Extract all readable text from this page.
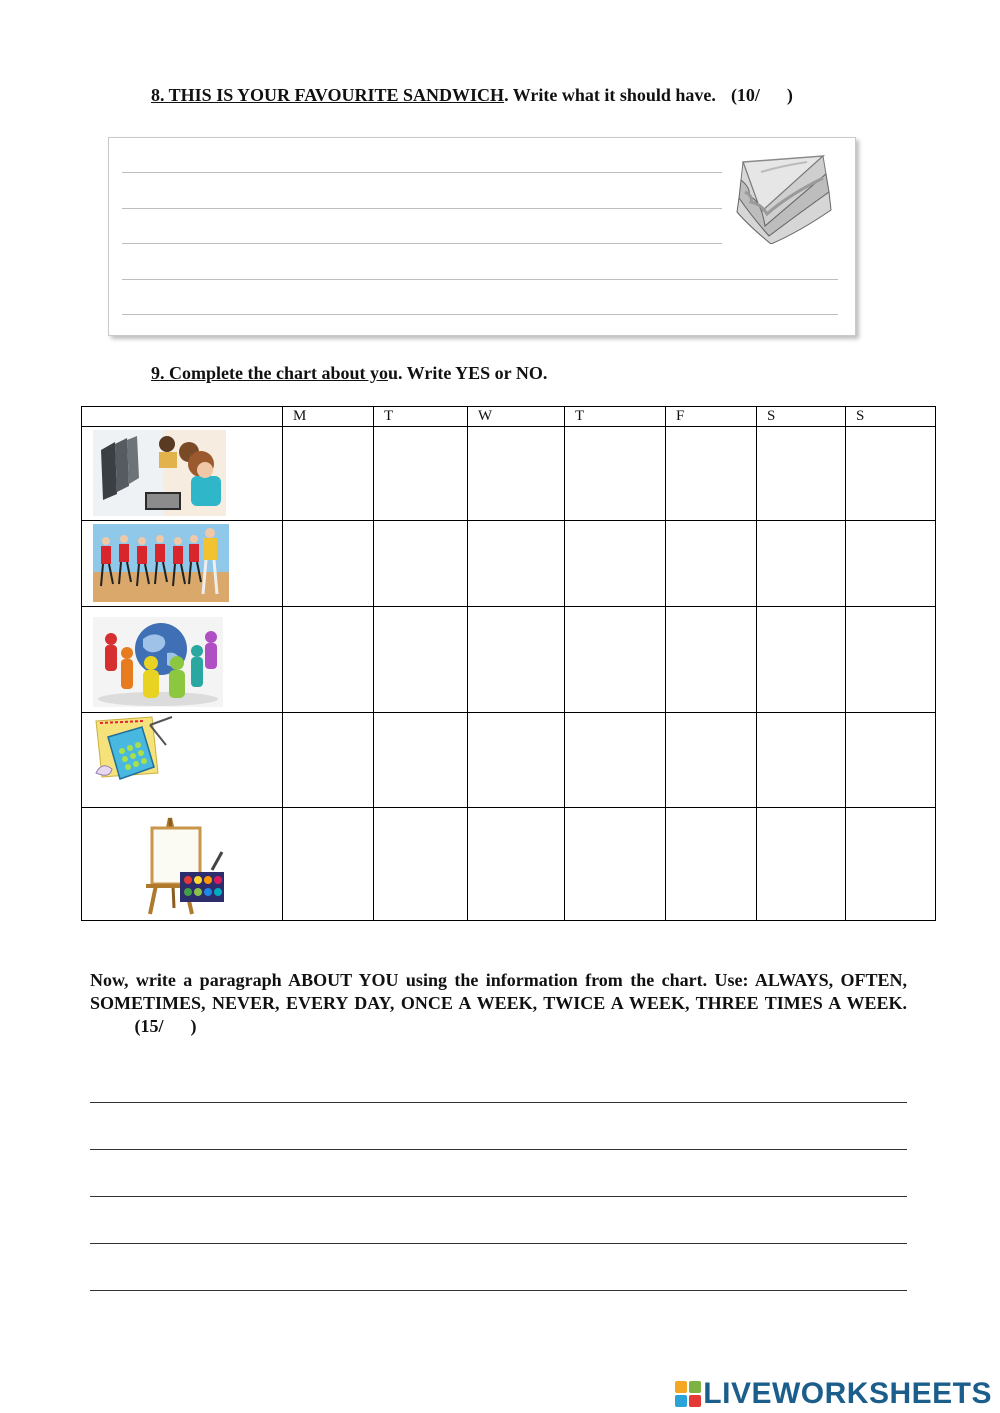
8. THIS IS YOUR FAVOURITE SANDWICH. Write what it should have. (10/      )
9. Complete the chart about you. Write YES or NO.
	M	T	W	T	F	S	S

Now, write a paragraph ABOUT YOU using the information from the chart. Use: ALWAYS, OFTEN, SOMETIMES, NEVER, EVERY DAY, ONCE A WEEK, TWICE A WEEK, THREE TIMES A WEEK.  (15/      )
LIVEWORKSHEETS
